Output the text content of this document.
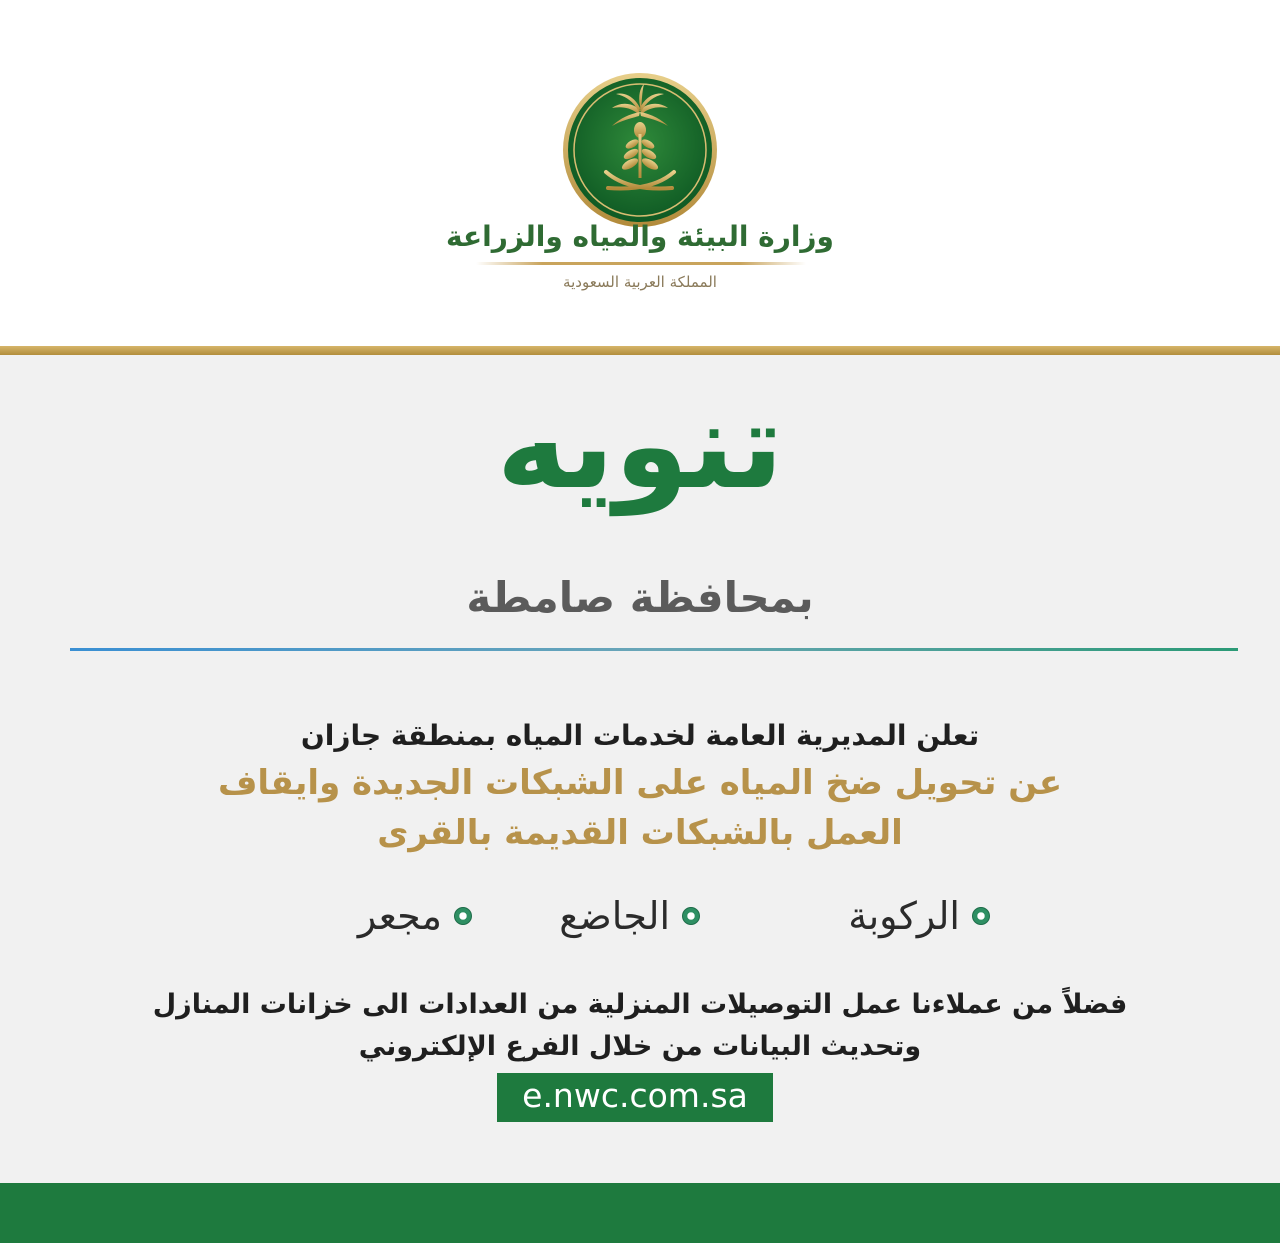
وزارة البيئة والمياه والزراعة
المملكة العربية السعودية
تنويه
بمحافظة صامطة
تعلن المديرية العامة لخدمات المياه بمنطقة جازان
عن تحويل ضخ المياه على الشبكات الجديدة وايقاف
العمل بالشبكات القديمة بالقرى
الركوبة
الجاضع
مجعر
فضلاً من عملاءنا عمل التوصيلات المنزلية من العدادات الى خزانات المنازل
وتحديث البيانات من خلال الفرع الإلكتروني
e.nwc.com.sa
